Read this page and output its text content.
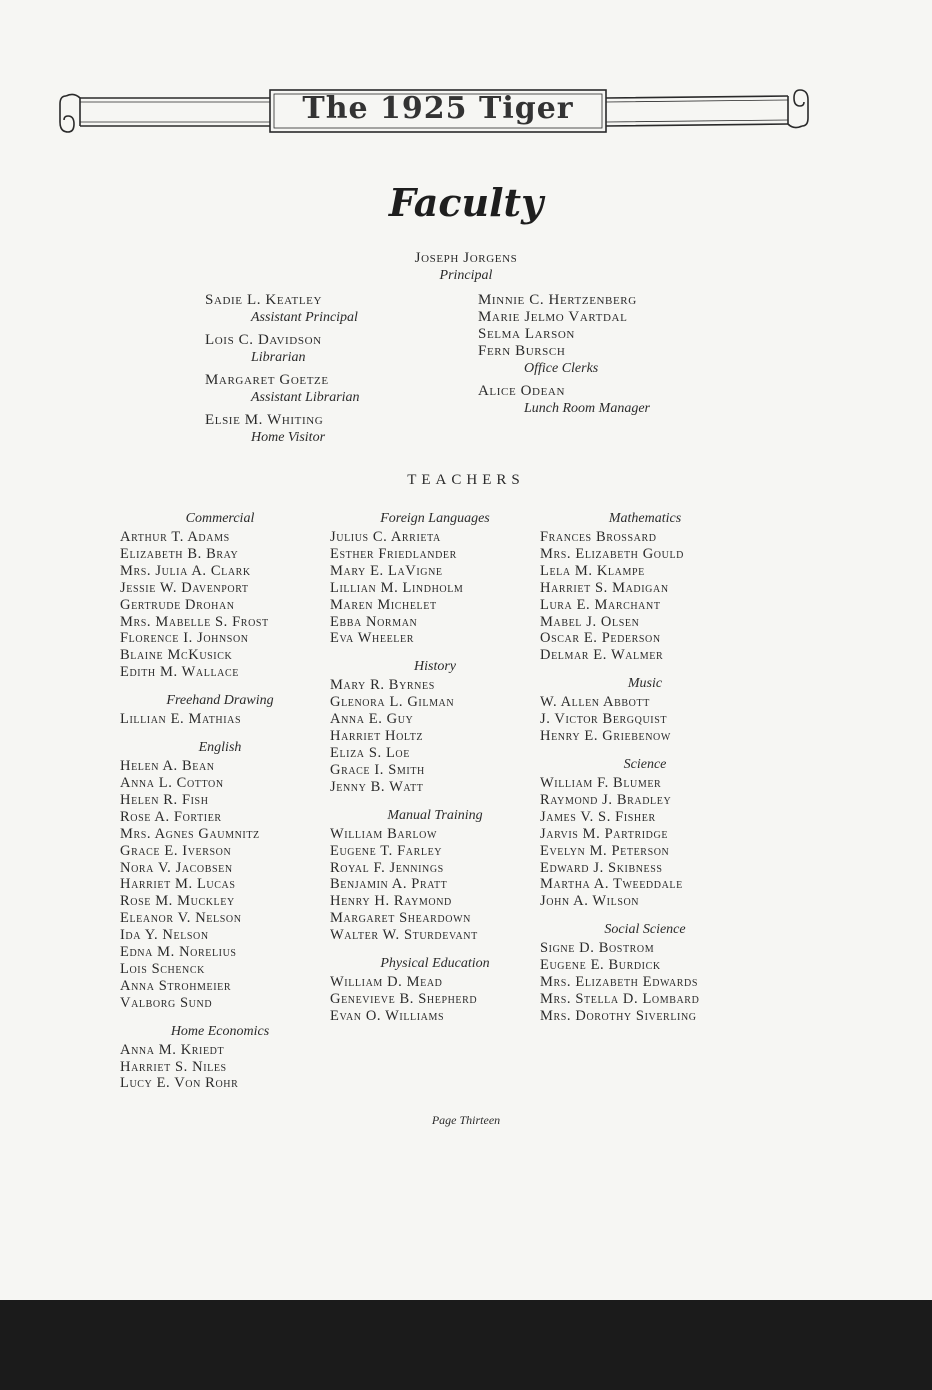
The 1925 Tiger
Faculty
Joseph Jorgens
Principal
Sadie L. Keatley
Assistant Principal
Lois C. Davidson
Librarian
Margaret Goetze
Assistant Librarian
Elsie M. Whiting
Home Visitor
Minnie C. Hertzenberg
Marie Jelmo Vartdal
Selma Larson
Fern Bursch
Office Clerks
Alice Odean
Lunch Room Manager
TEACHERS
Commercial
Arthur T. Adams
Elizabeth B. Bray
Mrs. Julia A. Clark
Jessie W. Davenport
Gertrude Drohan
Mrs. Mabelle S. Frost
Florence I. Johnson
Blaine McKusick
Edith M. Wallace
Freehand Drawing
Lillian E. Mathias
English
Helen A. Bean
Anna L. Cotton
Helen R. Fish
Rose A. Fortier
Mrs. Agnes Gaumnitz
Grace E. Iverson
Nora V. Jacobsen
Harriet M. Lucas
Rose M. Muckley
Eleanor V. Nelson
Ida Y. Nelson
Edna M. Norelius
Lois Schenck
Anna Strohmeier
Valborg Sund
Home Economics
Anna M. Kriedt
Harriet S. Niles
Lucy E. Von Rohr
Foreign Languages
Julius C. Arrieta
Esther Friedlander
Mary E. LaVigne
Lillian M. Lindholm
Maren Michelet
Ebba Norman
Eva Wheeler
History
Mary R. Byrnes
Glenora L. Gilman
Anna E. Guy
Harriet Holtz
Eliza S. Loe
Grace I. Smith
Jenny B. Watt
Manual Training
William Barlow
Eugene T. Farley
Royal F. Jennings
Benjamin A. Pratt
Henry H. Raymond
Margaret Sheardown
Walter W. Sturdevant
Physical Education
William D. Mead
Genevieve B. Shepherd
Evan O. Williams
Mathematics
Frances Brossard
Mrs. Elizabeth Gould
Lela M. Klampe
Harriet S. Madigan
Lura E. Marchant
Mabel J. Olsen
Oscar E. Pederson
Delmar E. Walmer
Music
W. Allen Abbott
J. Victor Bergquist
Henry E. Griebenow
Science
William F. Blumer
Raymond J. Bradley
James V. S. Fisher
Jarvis M. Partridge
Evelyn M. Peterson
Edward J. Skibness
Martha A. Tweeddale
John A. Wilson
Social Science
Signe D. Bostrom
Eugene E. Burdick
Mrs. Elizabeth Edwards
Mrs. Stella D. Lombard
Mrs. Dorothy Siverling
Page Thirteen
